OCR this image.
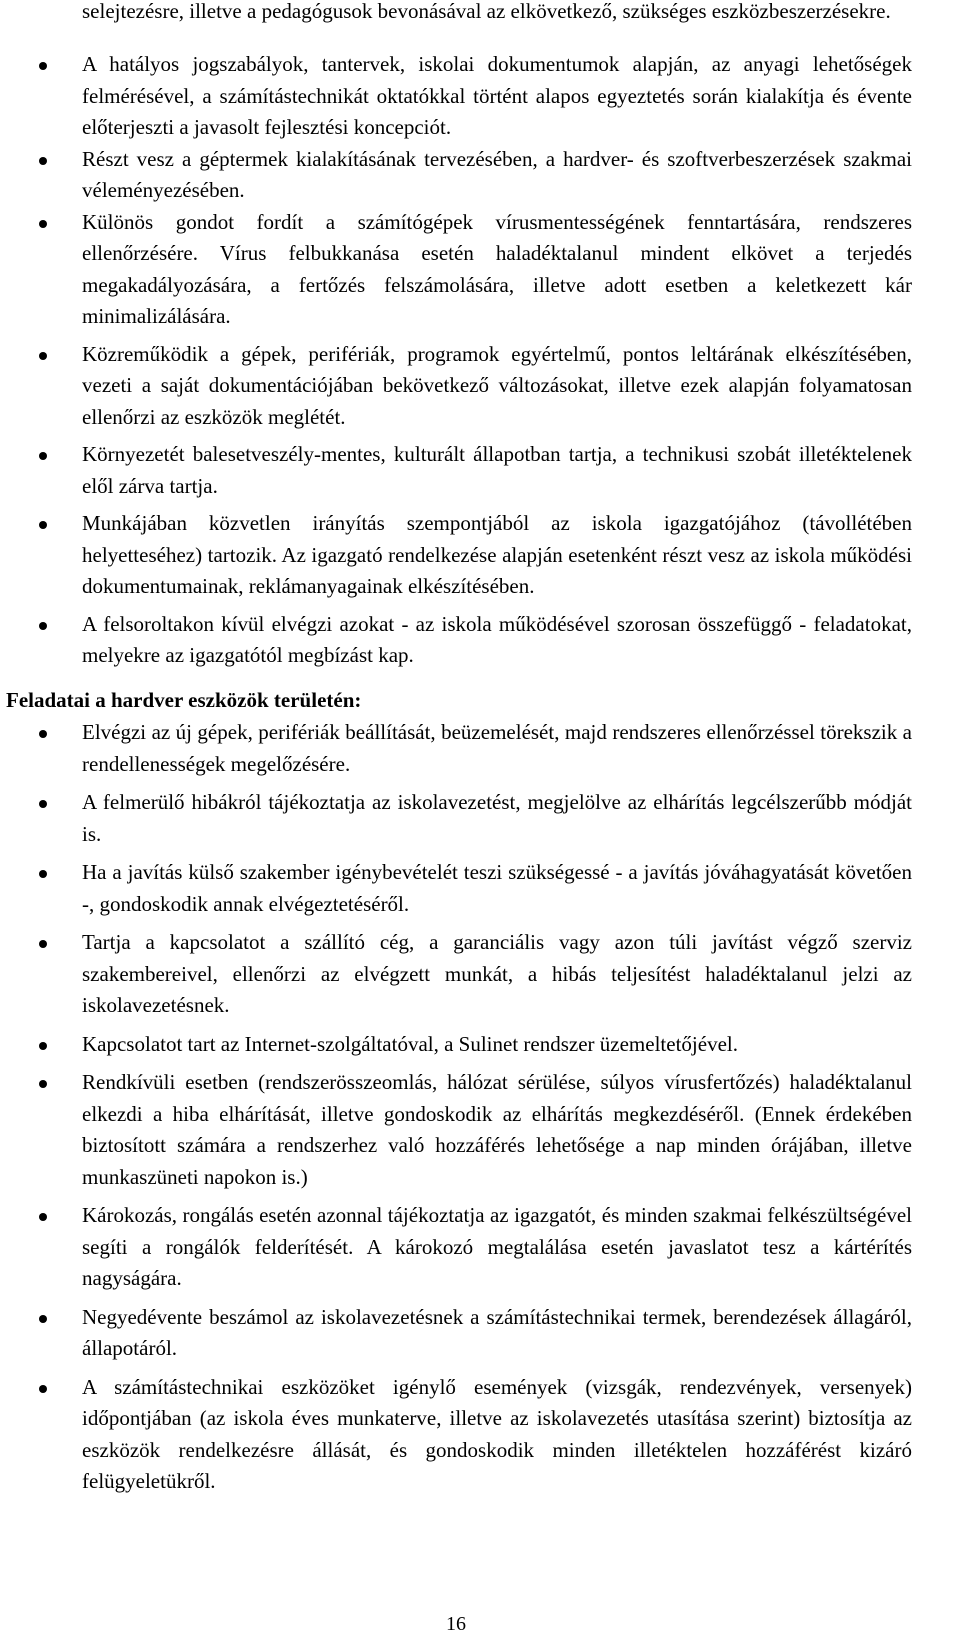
selejtezésre, illetve a pedagógusok bevonásával az elkövetkező, szükséges eszközbeszerzésekre.

A hatályos jogszabályok, tantervek, iskolai dokumentumok alapján, az anyagi lehetőségek felmérésével, a számítástechnikát oktatókkal történt alapos egyeztetés során kialakítja és évente előterjeszti a javasolt fejlesztési koncepciót.
Részt vesz a géptermek kialakításának tervezésében, a hardver- és szoftverbeszerzések szakmai véleményezésében.
Különös gondot fordít a számítógépek vírusmentességének fenntartására, rendszeres ellenőrzésére. Vírus felbukkanása esetén haladéktalanul mindent elkövet a terjedés megakadályozására, a fertőzés felszámolására, illetve adott esetben a keletkezett kár minimalizálására.
Közreműködik a gépek, perifériák, programok egyértelmű, pontos leltárának elkészítésében, vezeti a saját dokumentációjában bekövetkező változásokat, illetve ezek alapján folyamatosan ellenőrzi az eszközök meglétét.
Környezetét balesetveszély-mentes, kulturált állapotban tartja, a technikusi szobát illetéktelenek elől zárva tartja.
Munkájában közvetlen irányítás szempontjából az iskola igazgatójához (távollétében helyetteséhez) tartozik. Az igazgató rendelkezése alapján esetenként részt vesz az iskola működési dokumentumainak, reklámanyagainak elkészítésében.
A felsoroltakon kívül elvégzi azokat - az iskola működésével szorosan összefüggő - feladatokat, melyekre az igazgatótól megbízást kap.
Feladatai a hardver eszközök területén:
Elvégzi az új gépek, perifériák beállítását, beüzemelését, majd rendszeres ellenőrzéssel törekszik a rendellenességek megelőzésére.
A felmerülő hibákról tájékoztatja az iskolavezetést, megjelölve az elhárítás legcélszerűbb módját is.
Ha a javítás külső szakember igénybevételét teszi szükségessé - a javítás jóváhagyatását követően -, gondoskodik annak elvégeztetéséről.
Tartja a kapcsolatot a szállító cég, a garanciális vagy azon túli javítást végző szerviz szakembereivel, ellenőrzi az elvégzett munkát, a hibás teljesítést haladéktalanul jelzi az iskolavezetésnek.
Kapcsolatot tart az Internet-szolgáltatóval, a Sulinet rendszer üzemeltetőjével.
Rendkívüli esetben (rendszerösszeomlás, hálózat sérülése, súlyos vírusfertőzés) haladéktalanul elkezdi a hiba elhárítását, illetve gondoskodik az elhárítás megkezdéséről. (Ennek érdekében biztosított számára a rendszerhez való hozzáférés lehetősége a nap minden órájában, illetve munkaszüneti napokon is.)
Károkozás, rongálás esetén azonnal tájékoztatja az igazgatót, és minden szakmai felkészültségével segíti a rongálók felderítését. A károkozó megtalálása esetén javaslatot tesz a kártérítés nagyságára.
Negyedévente beszámol az iskolavezetésnek a számítástechnikai termek, berendezések állagáról, állapotáról.
A számítástechnikai eszközöket igénylő események (vizsgák, rendezvények, versenyek) időpontjában (az iskola éves munkaterve, illetve az iskolavezetés utasítása szerint) biztosítja az eszközök rendelkezésre állását, és gondoskodik minden illetéktelen hozzáférést kizáró felügyeletükről.
16
